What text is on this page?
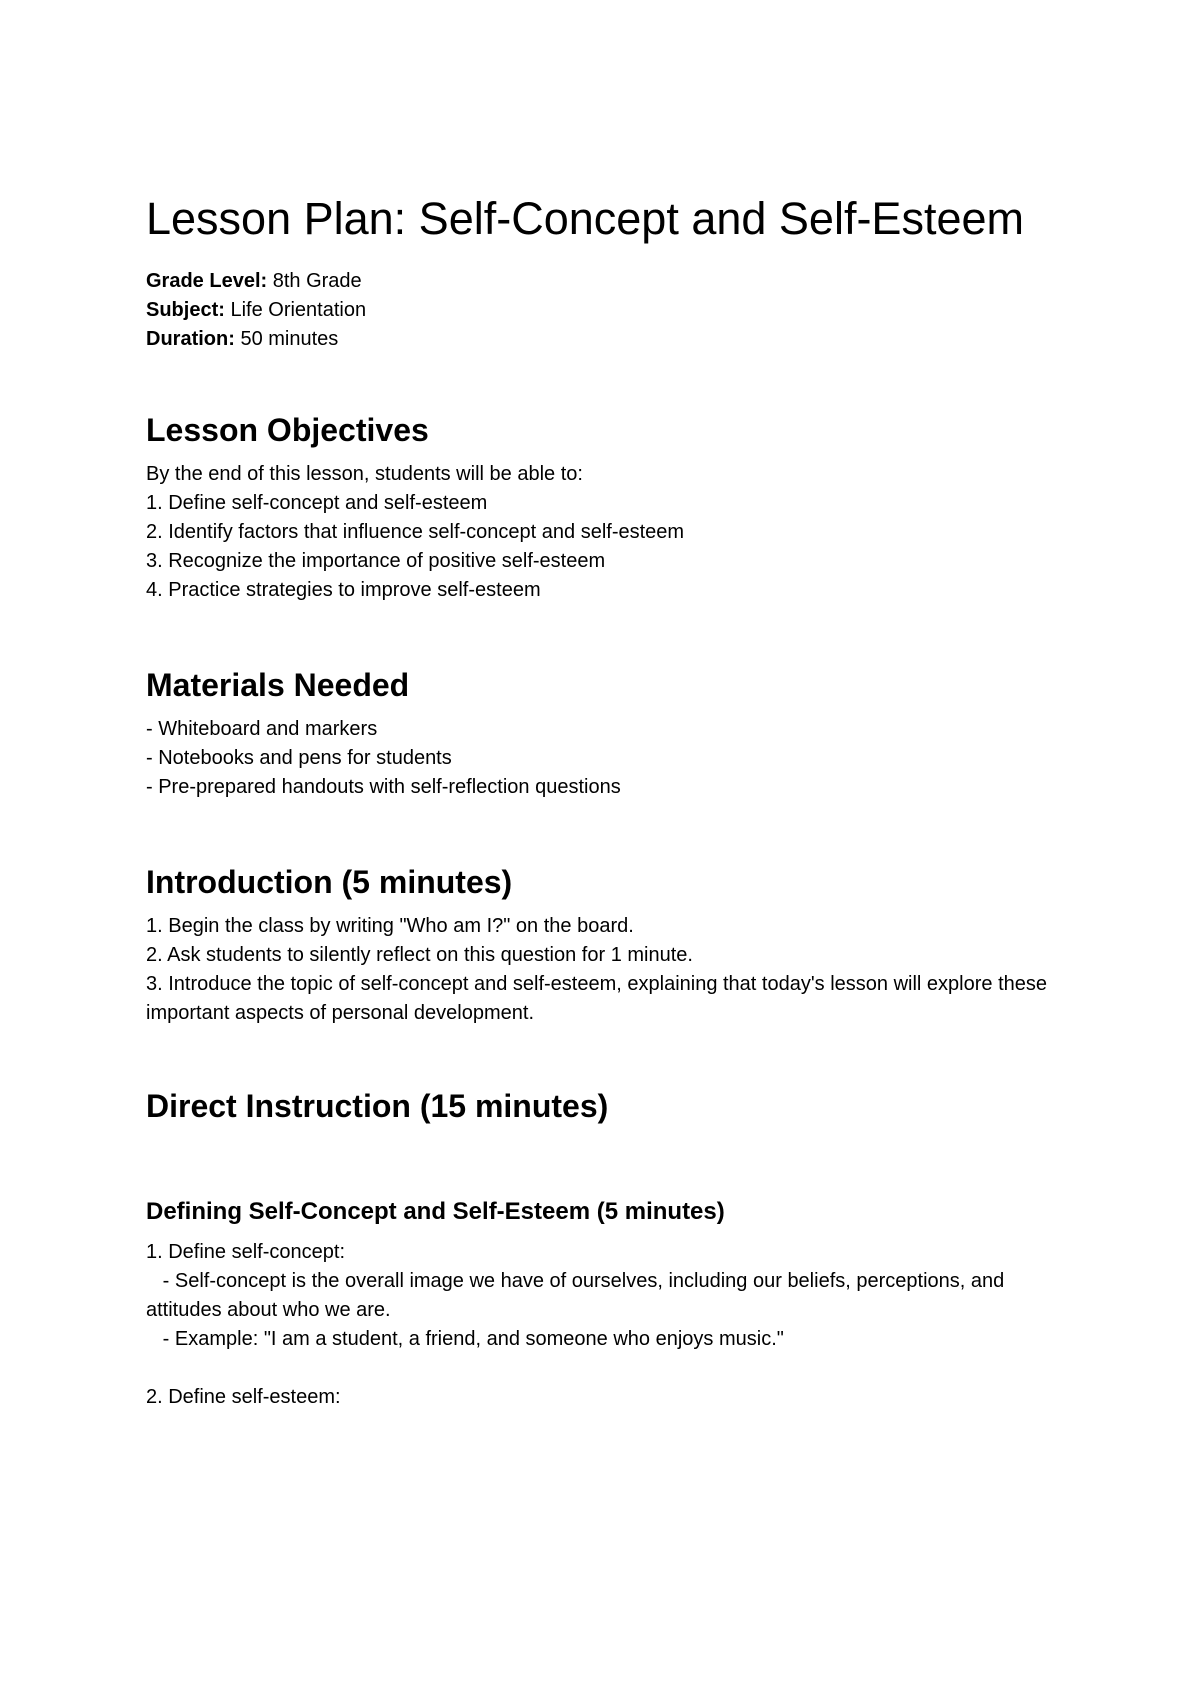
Lesson Plan: Self-Concept and Self-Esteem

Grade Level: 8th Grade

Subject: Life Orientation

Duration: 50 minutes

Lesson Objectives

By the end of this lesson, students will be able to:

1. Define self-concept and self-esteem

2. Identify factors that influence self-concept and self-esteem

3. Recognize the importance of positive self-esteem

4. Practice strategies to improve self-esteem

Materials Needed

- Whiteboard and markers

- Notebooks and pens for students

- Pre-prepared handouts with self-reflection questions

Introduction (5 minutes)

1. Begin the class by writing "Who am I?" on the board.

2. Ask students to silently reflect on this question for 1 minute.

3. Introduce the topic of self-concept and self-esteem, explaining that today's lesson will explore these important aspects of personal development.

Direct Instruction (15 minutes)
Defining Self-Concept and Self-Esteem (5 minutes)

1. Define self-concept:

- Self-concept is the overall image we have of ourselves, including our beliefs, perceptions, and attitudes about who we are.

- Example: "I am a student, a friend, and someone who enjoys music."

2. Define self-esteem:
